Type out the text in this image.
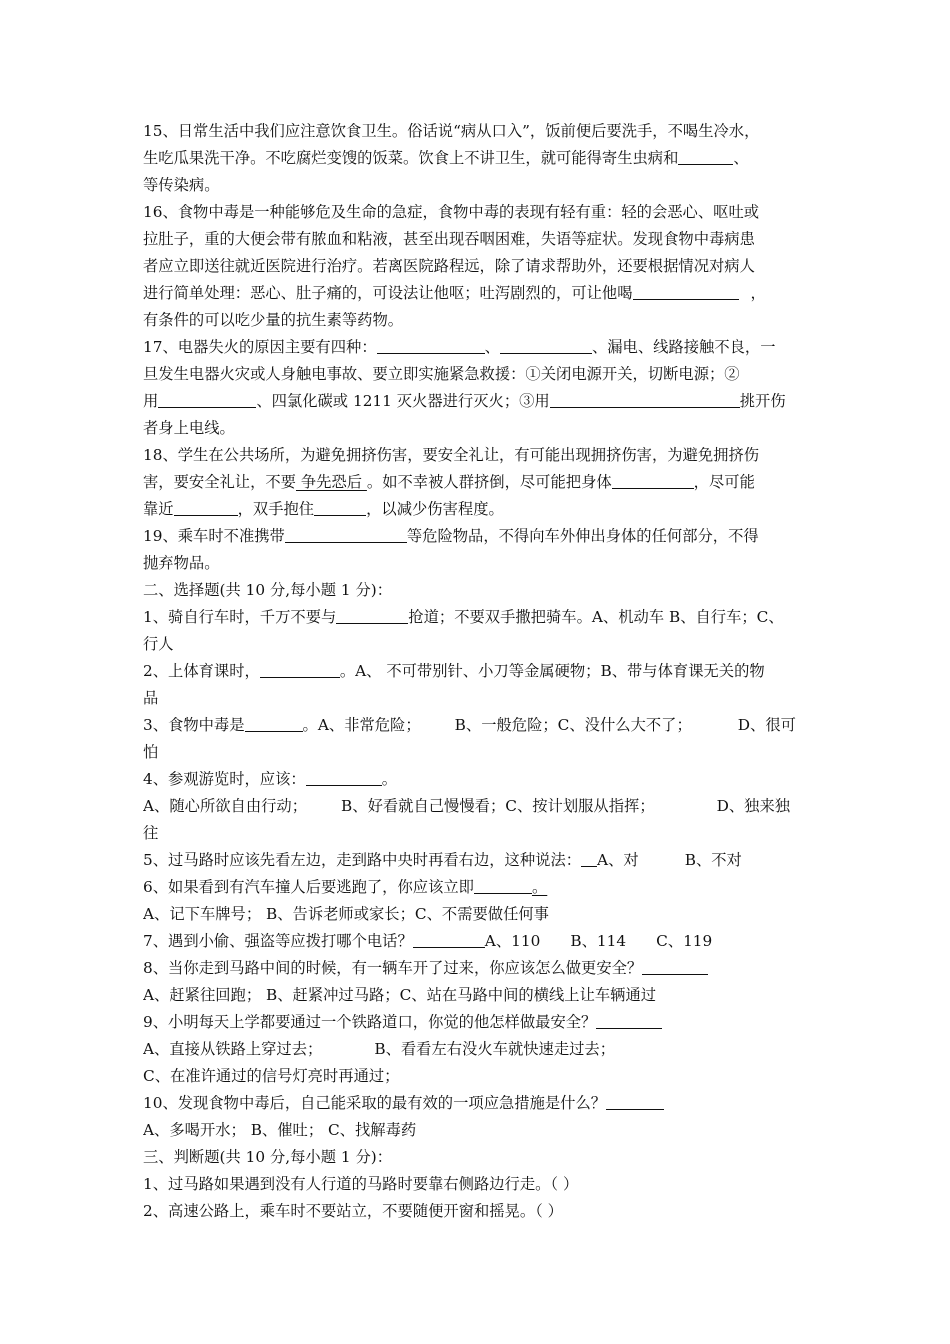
15、日常生活中我们应注意饮食卫生。俗话说“病从口入”，饭前便后要洗手，不喝生冷水，
生吃瓜果洗干净。不吃腐烂变馊的饭菜。饮食上不讲卫生，就可能得寄生虫病和	、
等传染病。
16、食物中毒是一种能够危及生命的急症，食物中毒的表现有轻有重：轻的会恶心、呕吐或
拉肚子，重的大便会带有脓血和粘液，甚至出现吞咽困难，失语等症状。发现食物中毒病患
者应立即送往就近医院进行治疗。若离医院路程远，除了请求帮助外，还要根据情况对病人
进行简单处理：恶心、肚子痛的，可设法让他呕；吐泻剧烈的，可让他喝	，
有条件的可以吃少量的抗生素等药物。
17、电器失火的原因主要有四种：	、	、漏电、线路接触不良，一
旦发生电器火灾或人身触电事故、要立即实施紧急救援：①关闭电源开关，切断电源；②
用	、四氯化碳或 1211 灭火器进行灭火；③用	挑开伤
者身上电线。
18、学生在公共场所，为避免拥挤伤害，要安全礼让，有可能出现拥挤伤害，为避免拥挤伤
害，要安全礼让，不要 争先恐后 。如不幸被人群挤倒，尽可能把身体	，尽可能
靠近	，双手抱住	，以减少伤害程度。
19、乘车时不准携带	等危险物品，不得向车外伸出身体的任何部分，不得
抛弃物品。
二、选择题(共 10 分,每小题 1 分)：
1、骑自行车时，千万不要与	抢道；不要双手撒把骑车。A、机动车 B、自行车；C、
行人
2、上体育课时，	。A、 不可带别针、小刀等金属硬物；B、带与体育课无关的物
品
3、食物中毒是	。A、非常危险； B、一般危险；C、没什么大不了；	D、很可
怕
4、参观游览时，应该：	。
A、随心所欲自由行动； B、好看就自己慢慢看；C、按计划服从指挥；	D、独来独
往
5、过马路时应该先看左边，走到路中央时再看右边，这种说法： A、对	B、不对
6、如果看到有汽车撞人后要逃跑了，你应该立即	。
A、记下车牌号； B、告诉老师或家长；C、不需要做任何事
7、遇到小偷、强盗等应拨打哪个电话？	A、110 B、114 C、119
8、当你走到马路中间的时候，有一辆车开了过来，你应该怎么做更安全？
A、赶紧往回跑； B、赶紧冲过马路；C、站在马路中间的横线上让车辆通过
9、小明每天上学都要通过一个铁路道口，你觉的他怎样做最安全？
A、直接从铁路上穿过去；	B、看看左右没火车就快速走过去；
C、在准许通过的信号灯亮时再通过；
10、发现食物中毒后，自己能采取的最有效的一项应急措施是什么？
A、多喝开水； B、催吐； C、找解毒药
三、判断题(共 10 分,每小题 1 分)：
1、过马路如果遇到没有人行道的马路时要靠右侧路边行走。（ ）
2、高速公路上，乘车时不要站立，不要随便开窗和摇晃。（ ）
